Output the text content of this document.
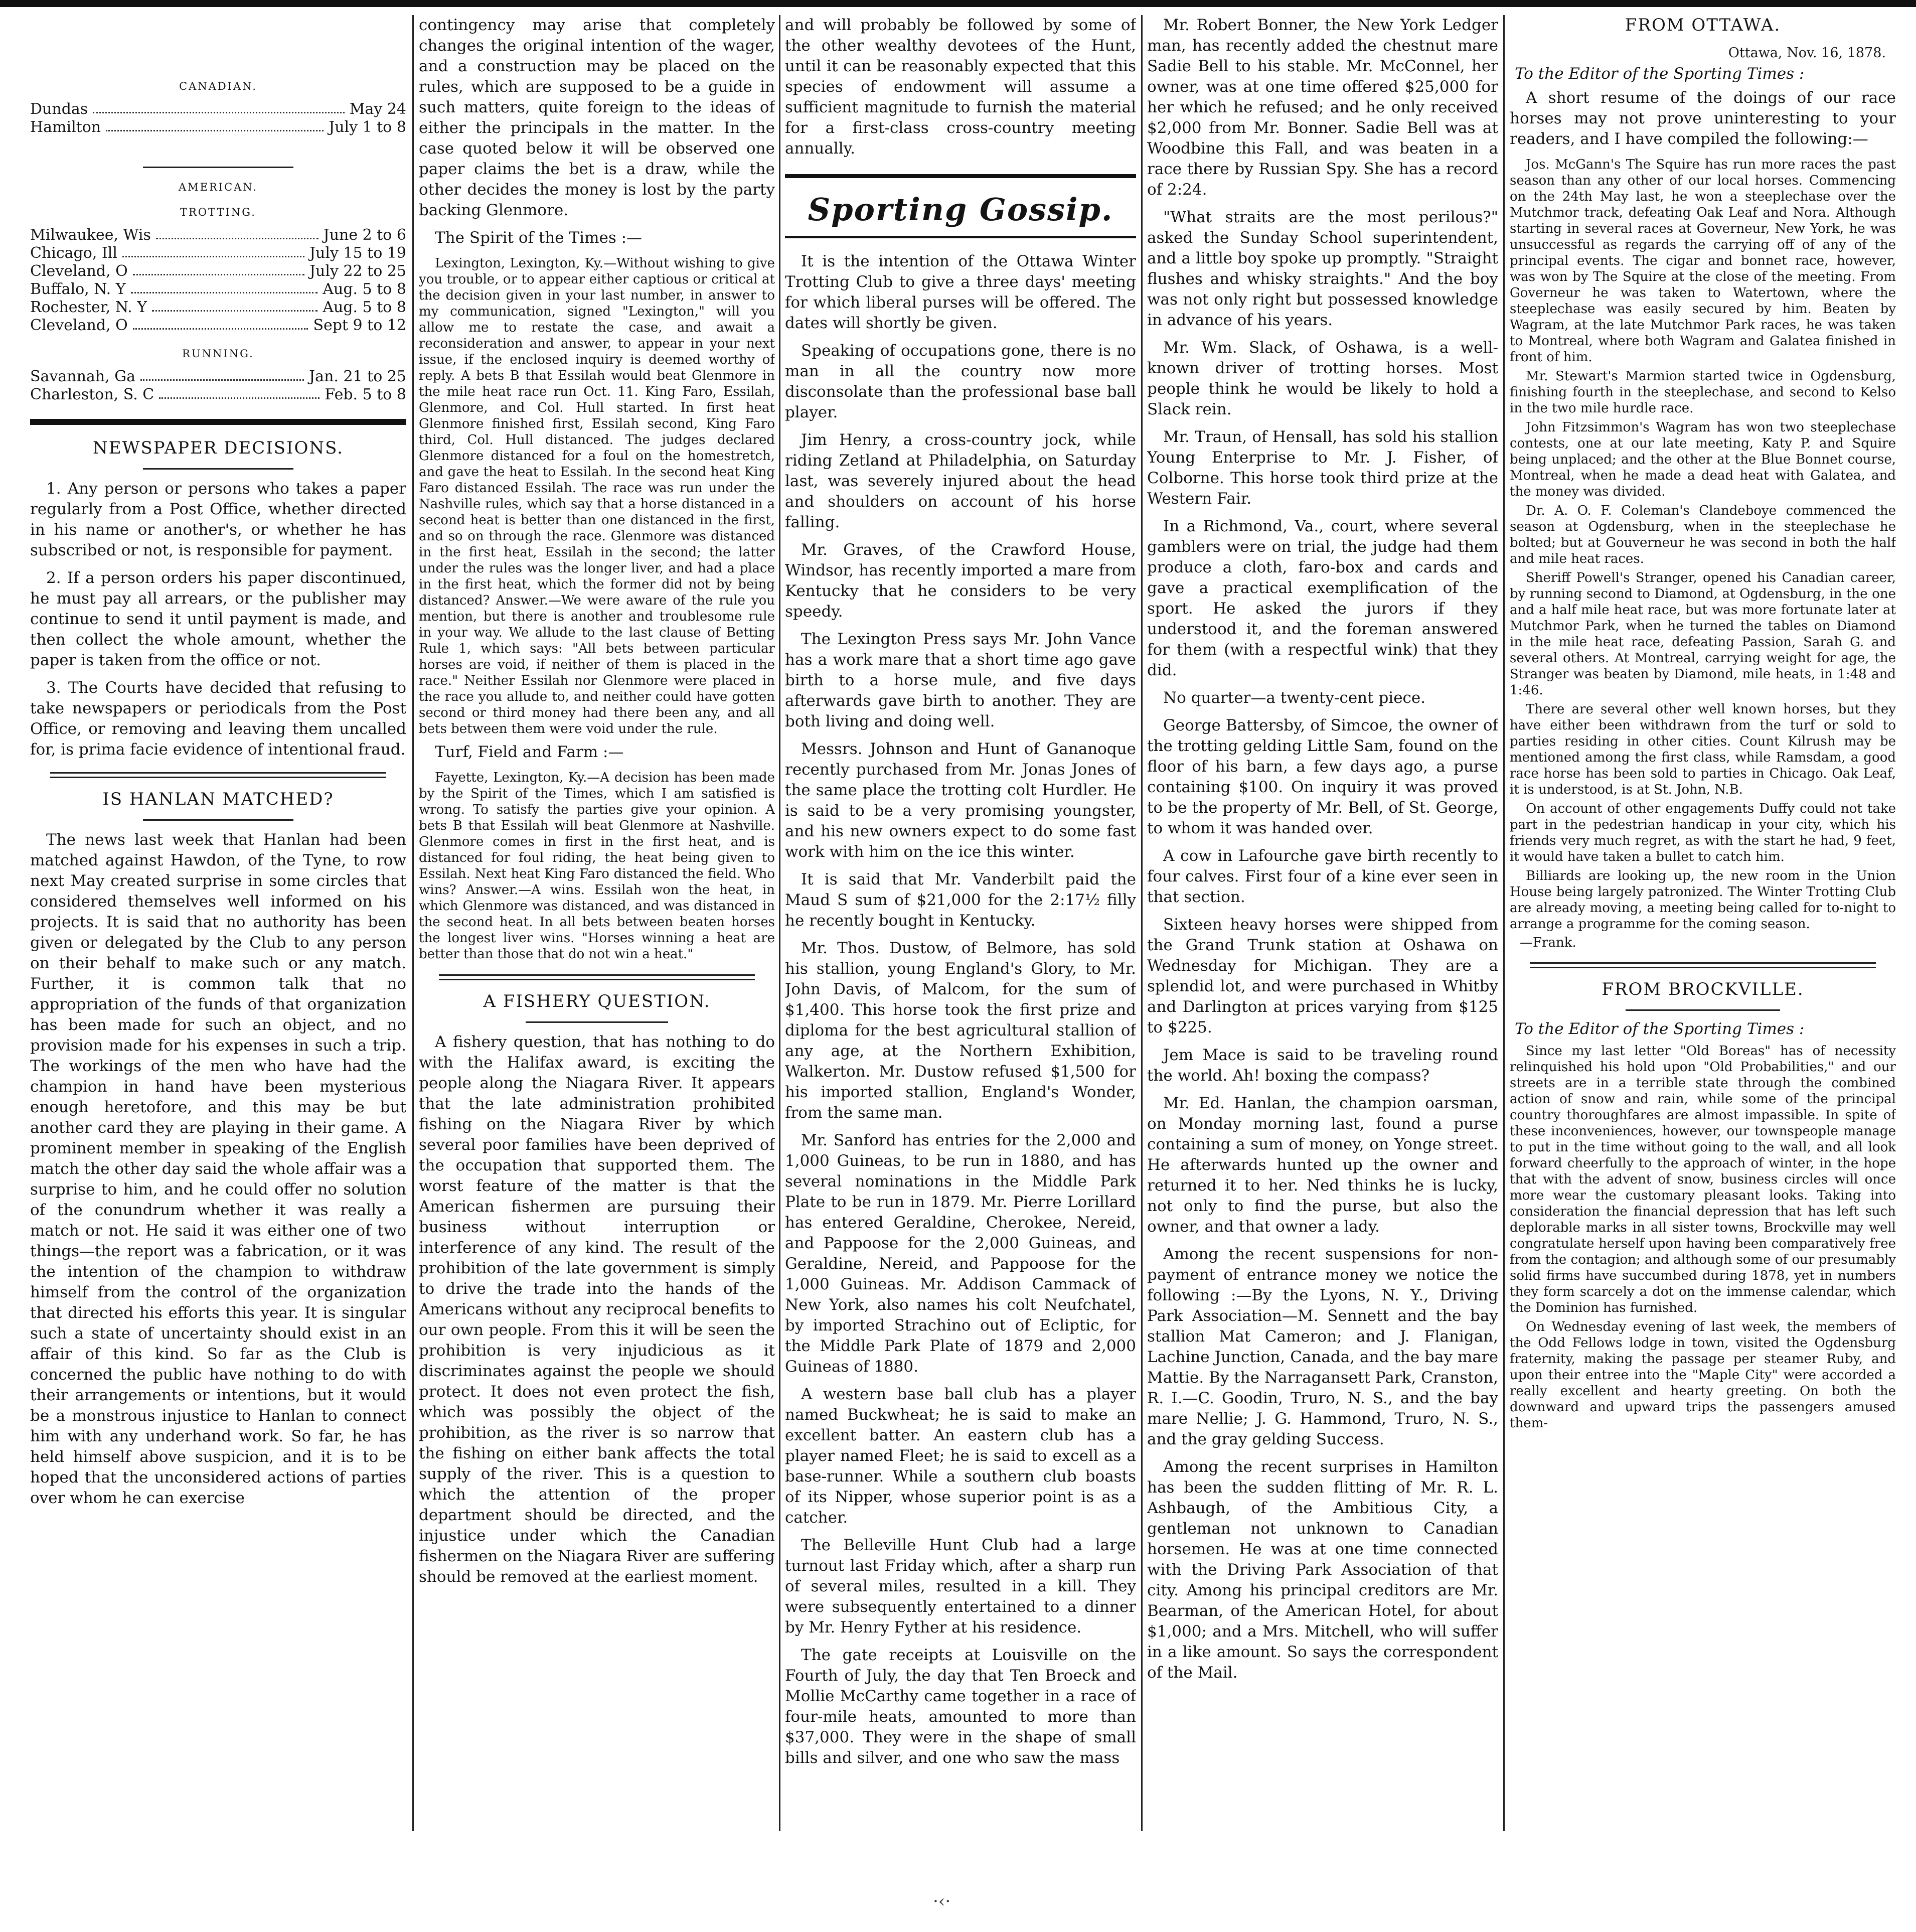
CANADIAN.
Dundas	May 24
Hamilton	July 1 to 8
AMERICAN.
TROTTING.
Milwaukee, Wis	June 2 to 6
Chicago, Ill	July 15 to 19
Cleveland, O	July 22 to 25
Buffalo, N. Y	Aug. 5 to 8
Rochester, N. Y	Aug. 5 to 8
Cleveland, O	Sept 9 to 12
RUNNING.
Savannah, Ga	Jan. 21 to 25
Charleston, S. C	Feb. 5 to 8
NEWSPAPER DECISIONS.

1. Any person or persons who takes a paper regularly from a Post Office, whether directed in his name or another's, or whether he has subscribed or not, is responsible for payment.

2. If a person orders his paper discontinued, he must pay all arrears, or the publisher may continue to send it until payment is made, and then collect the whole amount, whether the paper is taken from the office or not.

3. The Courts have decided that refusing to take newspapers or periodicals from the Post Office, or removing and leaving them uncalled for, is prima facie evidence of intentional fraud.

IS HANLAN MATCHED?

The news last week that Hanlan had been matched against Hawdon, of the Tyne, to row next May created surprise in some circles that considered themselves well informed on his projects. It is said that no authority has been given or delegated by the Club to any person on their behalf to make such or any match. Further, it is common talk that no appropriation of the funds of that organization has been made for such an object, and no provision made for his expenses in such a trip. The workings of the men who have had the champion in hand have been mysterious enough heretofore, and this may be but another card they are playing in their game. A prominent member in speaking of the English match the other day said the whole affair was a surprise to him, and he could offer no solution of the conundrum whether it was really a match or not. He said it was either one of two things—the report was a fabrication, or it was the intention of the champion to withdraw himself from the control of the organization that directed his efforts this year. It is singular such a state of uncertainty should exist in an affair of this kind. So far as the Club is concerned the public have nothing to do with their arrangements or intentions, but it would be a monstrous injustice to Hanlan to connect him with any underhand work. So far, he has held himself above suspicion, and it is to be hoped that the unconsidered actions of parties over whom he can exercise

contingency may arise that completely changes the original intention of the wager, and a construction may be placed on the rules, which are supposed to be a guide in such matters, quite foreign to the ideas of either the principals in the matter. In the case quoted below it will be observed one paper claims the bet is a draw, while the other decides the money is lost by the party backing Glenmore.

The Spirit of the Times :—

Lexington, Lexington, Ky.—Without wishing to give you trouble, or to appear either captious or critical at the decision given in your last number, in answer to my communication, signed "Lexington," will you allow me to restate the case, and await a reconsideration and answer, to appear in your next issue, if the enclosed inquiry is deemed worthy of reply. A bets B that Essilah would beat Glenmore in the mile heat race run Oct. 11. King Faro, Essilah, Glenmore, and Col. Hull started. In first heat Glenmore finished first, Essilah second, King Faro third, Col. Hull distanced. The judges declared Glenmore distanced for a foul on the homestretch, and gave the heat to Essilah. In the second heat King Faro distanced Essilah. The race was run under the Nashville rules, which say that a horse distanced in a second heat is better than one distanced in the first, and so on through the race. Glenmore was distanced in the first heat, Essilah in the second; the latter under the rules was the longer liver, and had a place in the first heat, which the former did not by being distanced? Answer.—We were aware of the rule you mention, but there is another and troublesome rule in your way. We allude to the last clause of Betting Rule 1, which says: "All bets between particular horses are void, if neither of them is placed in the race." Neither Essilah nor Glenmore were placed in the race you allude to, and neither could have gotten second or third money had there been any, and all bets between them were void under the rule.

Turf, Field and Farm :—

Fayette, Lexington, Ky.—A decision has been made by the Spirit of the Times, which I am satisfied is wrong. To satisfy the parties give your opinion. A bets B that Essilah will beat Glenmore at Nashville. Glenmore comes in first in the first heat, and is distanced for foul riding, the heat being given to Essilah. Next heat King Faro distanced the field. Who wins? Answer.—A wins. Essilah won the heat, in which Glenmore was distanced, and was distanced in the second heat. In all bets between beaten horses the longest liver wins. "Horses winning a heat are better than those that do not win a heat."

A FISHERY QUESTION.

A fishery question, that has nothing to do with the Halifax award, is exciting the people along the Niagara River. It appears that the late administration prohibited fishing on the Niagara River by which several poor families have been deprived of the occupation that supported them. The worst feature of the matter is that the American fishermen are pursuing their business without interruption or interference of any kind. The result of the prohibition of the late government is simply to drive the trade into the hands of the Americans without any reciprocal benefits to our own people. From this it will be seen the prohibition is very injudicious as it discriminates against the people we should protect. It does not even protect the fish, which was possibly the object of the prohibition, as the river is so narrow that the fishing on either bank affects the total supply of the river. This is a question to which the attention of the proper department should be directed, and the injustice under which the Canadian fishermen on the Niagara River are suffering should be removed at the earliest moment.

and will probably be followed by some of the other wealthy devotees of the Hunt, until it can be reasonably expected that this species of endowment will assume a sufficient magnitude to furnish the material for a first-class cross-country meeting annually.

Sporting Gossip.

It is the intention of the Ottawa Winter Trotting Club to give a three days' meeting for which liberal purses will be offered. The dates will shortly be given.

Speaking of occupations gone, there is no man in all the country now more disconsolate than the professional base ball player.

Jim Henry, a cross-country jock, while riding Zetland at Philadelphia, on Saturday last, was severely injured about the head and shoulders on account of his horse falling.

Mr. Graves, of the Crawford House, Windsor, has recently imported a mare from Kentucky that he considers to be very speedy.

The Lexington Press says Mr. John Vance has a work mare that a short time ago gave birth to a horse mule, and five days afterwards gave birth to another. They are both living and doing well.

Messrs. Johnson and Hunt of Gananoque recently purchased from Mr. Jonas Jones of the same place the trotting colt Hurdler. He is said to be a very promising youngster, and his new owners expect to do some fast work with him on the ice this winter.

It is said that Mr. Vanderbilt paid the Maud S sum of $21,000 for the 2:17½ filly he recently bought in Kentucky.

Mr. Thos. Dustow, of Belmore, has sold his stallion, young England's Glory, to Mr. John Davis, of Malcom, for the sum of $1,400. This horse took the first prize and diploma for the best agricultural stallion of any age, at the Northern Exhibition, Walkerton. Mr. Dustow refused $1,500 for his imported stallion, England's Wonder, from the same man.

Mr. Sanford has entries for the 2,000 and 1,000 Guineas, to be run in 1880, and has several nominations in the Middle Park Plate to be run in 1879. Mr. Pierre Lorillard has entered Geraldine, Cherokee, Nereid, and Pappoose for the 2,000 Guineas, and Geraldine, Nereid, and Pappoose for the 1,000 Guineas. Mr. Addison Cammack of New York, also names his colt Neufchatel, by imported Strachino out of Ecliptic, for the Middle Park Plate of 1879 and 2,000 Guineas of 1880.

A western base ball club has a player named Buckwheat; he is said to make an excellent batter. An eastern club has a player named Fleet; he is said to excell as a base-runner. While a southern club boasts of its Nipper, whose superior point is as a catcher.

The Belleville Hunt Club had a large turnout last Friday which, after a sharp run of several miles, resulted in a kill. They were subsequently entertained to a dinner by Mr. Henry Fyther at his residence.

The gate receipts at Louisville on the Fourth of July, the day that Ten Broeck and Mollie McCarthy came together in a race of four-mile heats, amounted to more than $37,000. They were in the shape of small bills and silver, and one who saw the mass

Mr. Robert Bonner, the New York Ledger man, has recently added the chestnut mare Sadie Bell to his stable. Mr. McConnel, her owner, was at one time offered $25,000 for her which he refused; and he only received $2,000 from Mr. Bonner. Sadie Bell was at Woodbine this Fall, and was beaten in a race there by Russian Spy. She has a record of 2:24.

"What straits are the most perilous?" asked the Sunday School superintendent, and a little boy spoke up promptly. "Straight flushes and whisky straights." And the boy was not only right but possessed knowledge in advance of his years.

Mr. Wm. Slack, of Oshawa, is a well-known driver of trotting horses. Most people think he would be likely to hold a Slack rein.

Mr. Traun, of Hensall, has sold his stallion Young Enterprise to Mr. J. Fisher, of Colborne. This horse took third prize at the Western Fair.

In a Richmond, Va., court, where several gamblers were on trial, the judge had them produce a cloth, faro-box and cards and gave a practical exemplification of the sport. He asked the jurors if they understood it, and the foreman answered for them (with a respectful wink) that they did.

No quarter—a twenty-cent piece.

George Battersby, of Simcoe, the owner of the trotting gelding Little Sam, found on the floor of his barn, a few days ago, a purse containing $100. On inquiry it was proved to be the property of Mr. Bell, of St. George, to whom it was handed over.

A cow in Lafourche gave birth recently to four calves. First four of a kine ever seen in that section.

Sixteen heavy horses were shipped from the Grand Trunk station at Oshawa on Wednesday for Michigan. They are a splendid lot, and were purchased in Whitby and Darlington at prices varying from $125 to $225.

Jem Mace is said to be traveling round the world. Ah! boxing the compass?

Mr. Ed. Hanlan, the champion oarsman, on Monday morning last, found a purse containing a sum of money, on Yonge street. He afterwards hunted up the owner and returned it to her. Ned thinks he is lucky, not only to find the purse, but also the owner, and that owner a lady.

Among the recent suspensions for non-payment of entrance money we notice the following :—By the Lyons, N. Y., Driving Park Association—M. Sennett and the bay stallion Mat Cameron; and J. Flanigan, Lachine Junction, Canada, and the bay mare Mattie. By the Narragansett Park, Cranston, R. I.—C. Goodin, Truro, N. S., and the bay mare Nellie; J. G. Hammond, Truro, N. S., and the gray gelding Success.

Among the recent surprises in Hamilton has been the sudden flitting of Mr. R. L. Ashbaugh, of the Ambitious City, a gentleman not unknown to Canadian horsemen. He was at one time connected with the Driving Park Association of that city. Among his principal creditors are Mr. Bearman, of the American Hotel, for about $1,000; and a Mrs. Mitchell, who will suffer in a like amount. So says the correspondent of the Mail.

FROM OTTAWA.
Ottawa, Nov. 16, 1878.
To the Editor of the Sporting Times :

A short resume of the doings of our race horses may not prove uninteresting to your readers, and I have compiled the following:—

Jos. McGann's The Squire has run more races the past season than any other of our local horses. Commencing on the 24th May last, he won a steeplechase over the Mutchmor track, defeating Oak Leaf and Nora. Although starting in several races at Governeur, New York, he was unsuccessful as regards the carrying off of any of the principal events. The cigar and bonnet race, however, was won by The Squire at the close of the meeting. From Governeur he was taken to Watertown, where the steeplechase was easily secured by him. Beaten by Wagram, at the late Mutchmor Park races, he was taken to Montreal, where both Wagram and Galatea finished in front of him.

Mr. Stewart's Marmion started twice in Ogdensburg, finishing fourth in the steeplechase, and second to Kelso in the two mile hurdle race.

John Fitzsimmon's Wagram has won two steeplechase contests, one at our late meeting, Katy P. and Squire being unplaced; and the other at the Blue Bonnet course, Montreal, when he made a dead heat with Galatea, and the money was divided.

Dr. A. O. F. Coleman's Clandeboye commenced the season at Ogdensburg, when in the steeplechase he bolted; but at Gouverneur he was second in both the half and mile heat races.

Sheriff Powell's Stranger, opened his Canadian career, by running second to Diamond, at Ogdensburg, in the one and a half mile heat race, but was more fortunate later at Mutchmor Park, when he turned the tables on Diamond in the mile heat race, defeating Passion, Sarah G. and several others. At Montreal, carrying weight for age, the Stranger was beaten by Diamond, mile heats, in 1:48 and 1:46.

There are several other well known horses, but they have either been withdrawn from the turf or sold to parties residing in other cities. Count Kilrush may be mentioned among the first class, while Ramsdam, a good race horse has been sold to parties in Chicago. Oak Leaf, it is understood, is at St. John, N.B.

On account of other engagements Duffy could not take part in the pedestrian handicap in your city, which his friends very much regret, as with the start he had, 9 feet, it would have taken a bullet to catch him.

Billiards are looking up, the new room in the Union House being largely patronized. The Winter Trotting Club are already moving, a meeting being called for to-night to arrange a programme for the coming season.

—Frank.
FROM BROCKVILLE.
To the Editor of the Sporting Times :

Since my last letter "Old Boreas" has of necessity relinquished his hold upon "Old Probabilities," and our streets are in a terrible state through the combined action of snow and rain, while some of the principal country thoroughfares are almost impassible. In spite of these inconveniences, however, our townspeople manage to put in the time without going to the wall, and all look forward cheerfully to the approach of winter, in the hope that with the advent of snow, business circles will once more wear the customary pleasant looks. Taking into consideration the financial depression that has left such deplorable marks in all sister towns, Brockville may well congratulate herself upon having been comparatively free from the contagion; and although some of our presumably solid firms have succumbed during 1878, yet in numbers they form scarcely a dot on the immense calendar, which the Dominion has furnished.

On Wednesday evening of last week, the members of the Odd Fellows lodge in town, visited the Ogdensburg fraternity, making the passage per steamer Ruby, and upon their entree into the "Maple City" were accorded a really excellent and hearty greeting. On both the downward and upward trips the passengers amused them-

·‹·
